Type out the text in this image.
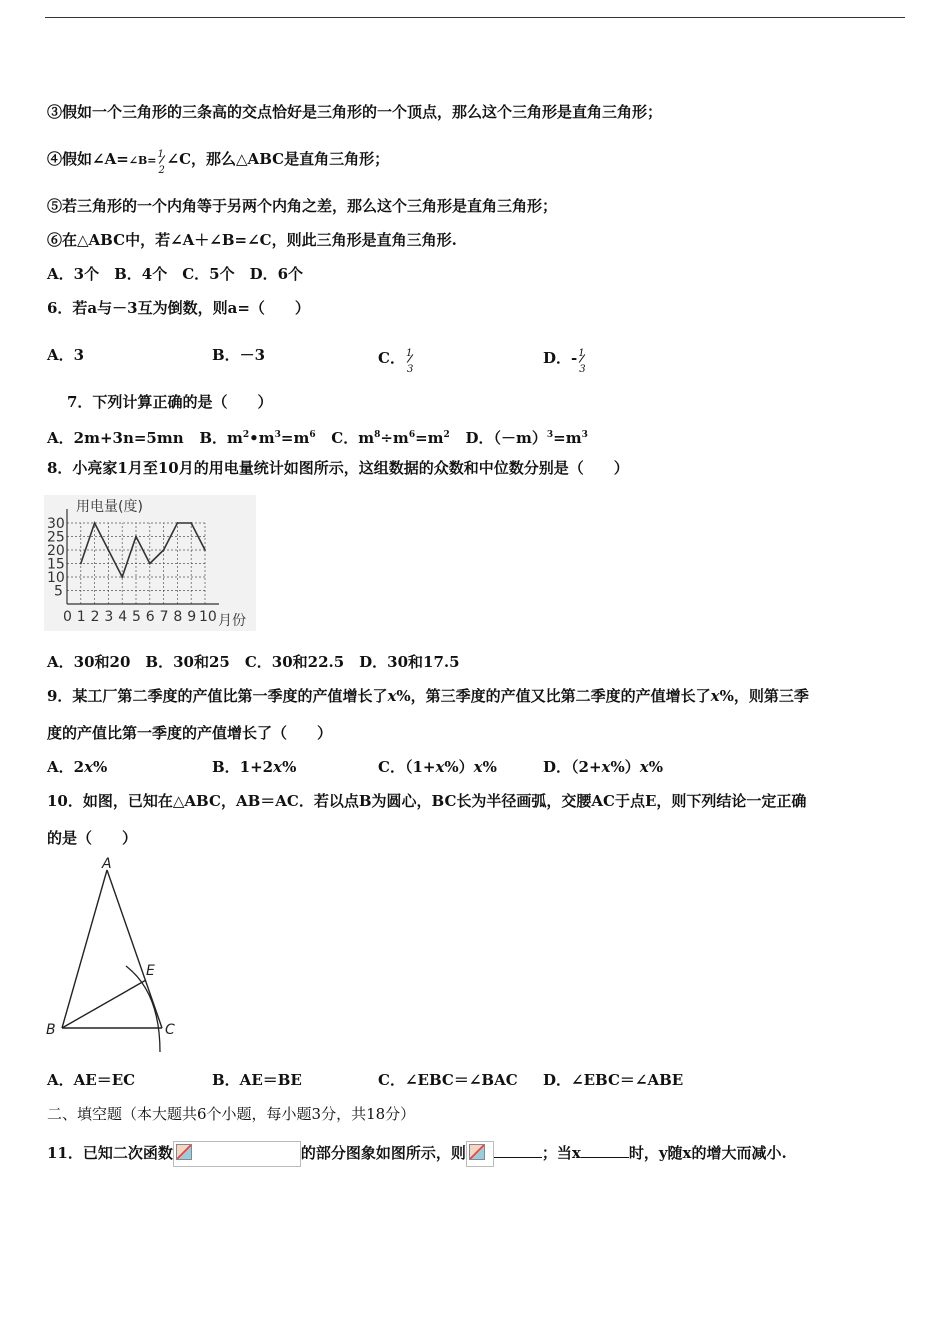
③假如一个三角形的三条高的交点恰好是三角形的一个顶点，那么这个三角形是直角三角形；
④假如∠A=∠B= 1
2
∠C，那么△ABC是直角三角形；
⑤若三角形的一个内角等于另两个内角之差，那么这个三角形是直角三角形；
⑥在△ABC中，若∠A＋∠B=∠C，则此三角形是直角三角形.
A．3个　B．4个　C．5个　D．6个
6．若a与－3互为倒数，则a=（　　）
A．3	B．－3	C． 1
3
D．- 1
3
7．下列计算正确的是（　　）
A．2m+3n=5mn B．$m^2•m^3=m^6$ C．$m^8\div m^6=m^2$ D．$(-m)^3=m^3$
8．小亮家1月至10月的用电量统计如图所示，这组数据的众数和中位数分别是（　　）
0 1 2 3 4 5 6 7 8 9 10
5
10
15
20
25
30
用电量(度)
月份
A．30和20　B．30和25　C．30和22.5　D．30和17.5
9．某工厂第二季度的产值比第一季度的产值增长了x%，第三季度的产值又比第二季度的产值增长了x%，则第三季
度的产值比第一季度的产值增长了（　　）
A．2x%	B．1+2x%	C．（1+x%）x%	D．（2+x%）x%
10．如图，已知在△ABC，AB＝AC．若以点B为圆心，BC长为半径画弧，交腰AC于点E，则下列结论一定正确
的是（　　）
A
E
B	C
A．AE＝EC	B．AE＝BE	C．∠EBC＝∠BAC D．∠EBC＝∠ABE
二、填空题（本大题共6个小题，每小题3分，共18分）
11．已知二次函数	的部分图象如图所示，则	；当x	时，y随x的增大而减小.
